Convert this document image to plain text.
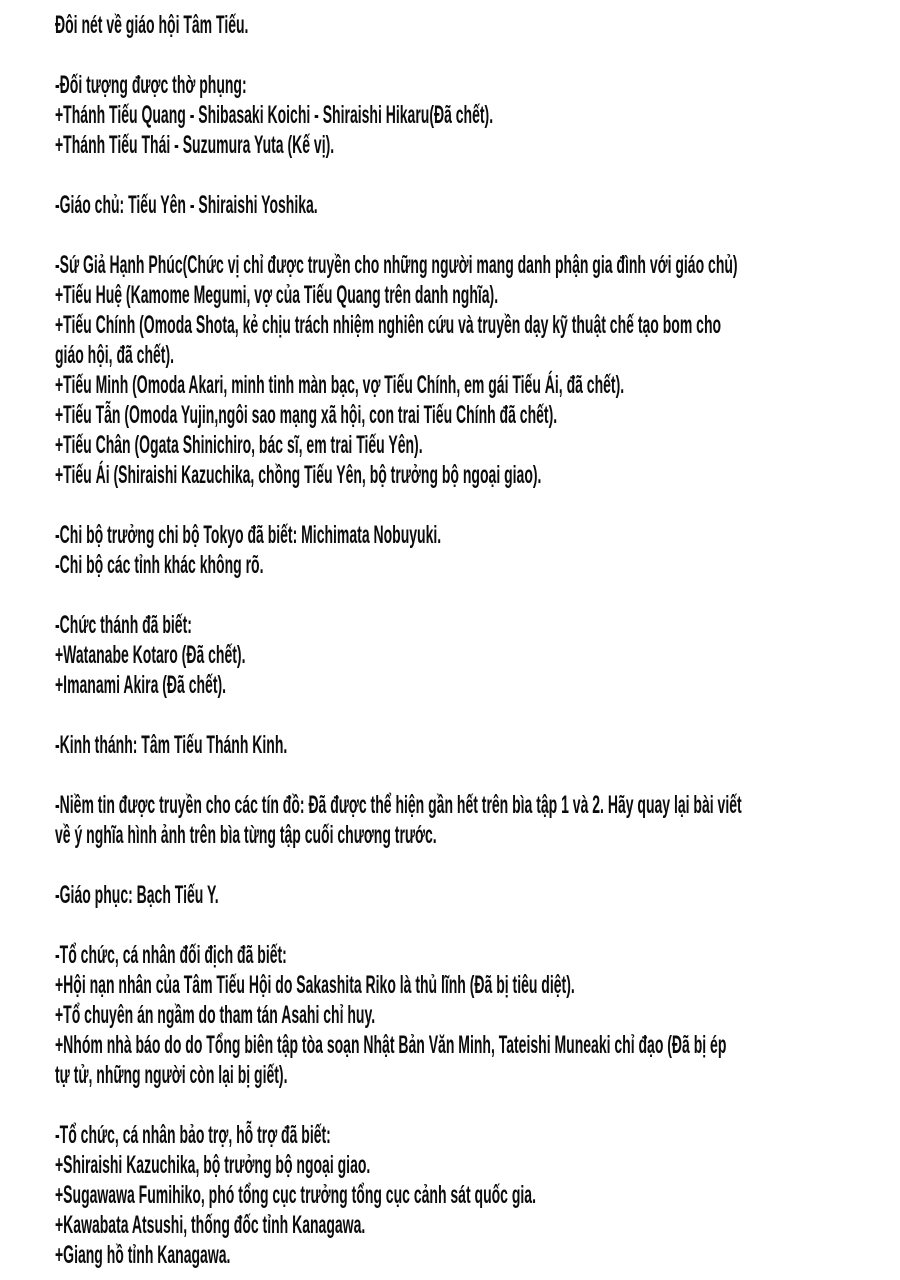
Đôi nét về giáo hội Tâm Tiếu.
-Đối tượng được thờ phụng:
+Thánh Tiếu Quang - Shibasaki Koichi - Shiraishi Hikaru(Đã chết).
+Thánh Tiếu Thái - Suzumura Yuta (Kế vị).
-Giáo chủ: Tiếu Yên - Shiraishi Yoshika.
-Sứ Giả Hạnh Phúc(Chức vị chỉ được truyền cho những người mang danh phận gia đình với giáo chủ)
+Tiếu Huệ (Kamome Megumi, vợ của Tiếu Quang trên danh nghĩa).
+Tiếu Chính (Omoda Shota, kẻ chịu trách nhiệm nghiên cứu và truyền dạy kỹ thuật chế tạo bom cho
giáo hội, đã chết).
+Tiếu Minh (Omoda Akari, minh tinh màn bạc, vợ Tiếu Chính, em gái Tiếu Ái, đã chết).
+Tiếu Tẫn (Omoda Yujin,ngôi sao mạng xã hội, con trai Tiếu Chính đã chết).
+Tiếu Chân (Ogata Shinichiro, bác sĩ, em trai Tiếu Yên).
+Tiếu Ái (Shiraishi Kazuchika, chồng Tiếu Yên, bộ trưởng bộ ngoại giao).
-Chi bộ trưởng chi bộ Tokyo đã biết: Michimata Nobuyuki.
-Chi bộ các tỉnh khác không rõ.
-Chức thánh đã biết:
+Watanabe Kotaro (Đã chết).
+Imanami Akira (Đã chết).
-Kinh thánh: Tâm Tiếu Thánh Kinh.
-Niềm tin được truyền cho các tín đồ: Đã được thể hiện gần hết trên bìa tập 1 và 2. Hãy quay lại bài viết
về ý nghĩa hình ảnh trên bìa từng tập cuối chương trước.
-Giáo phục: Bạch Tiếu Y.
-Tổ chức, cá nhân đối địch đã biết:
+Hội nạn nhân của Tâm Tiếu Hội do Sakashita Riko là thủ lĩnh (Đã bị tiêu diệt).
+Tổ chuyên án ngầm do tham tán Asahi chỉ huy.
+Nhóm nhà báo do do Tổng biên tập tòa soạn Nhật Bản Văn Minh, Tateishi Muneaki chỉ đạo (Đã bị ép
tự tử, những người còn lại bị giết).
-Tổ chức, cá nhân bảo trợ, hỗ trợ đã biết:
+Shiraishi Kazuchika, bộ trưởng bộ ngoại giao.
+Sugawawa Fumihiko, phó tổng cục trưởng tổng cục cảnh sát quốc gia.
+Kawabata Atsushi, thống đốc tỉnh Kanagawa.
+Giang hồ tỉnh Kanagawa.
